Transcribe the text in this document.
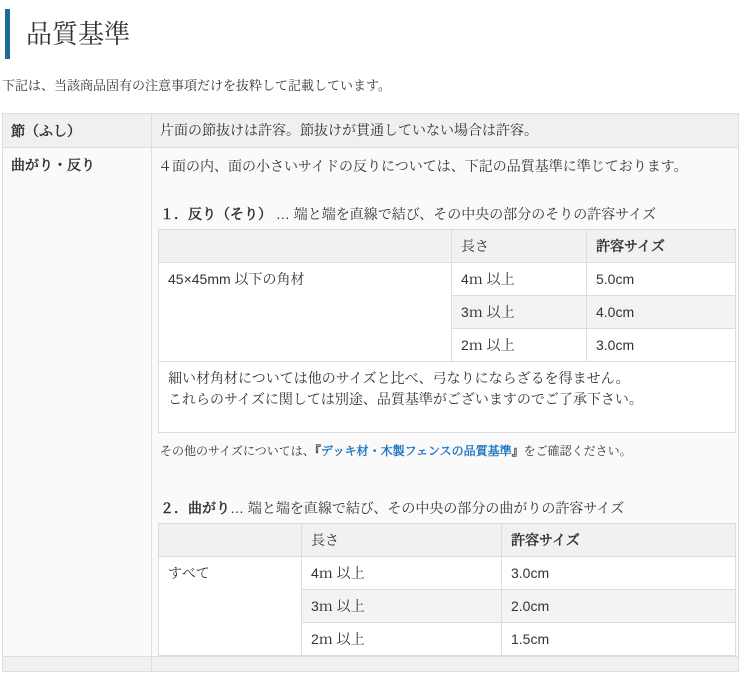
品質基準

下記は、当該商品固有の注意事項だけを抜粋して記載しています。

節（ふし）	片面の節抜けは許容。節抜けが貫通していない場合は許容。
曲がり・反り	４面の内、面の小さいサイドの反りについては、下記の品質基準に準じております。

１．反り（そり） … 端と端を直線で結び、その中央の部分のそりの許容サイズ

	長さ	許容サイズ
45×45mm 以下の角材	4ｍ 以上	5.0cm
3ｍ 以上	4.0cm
2ｍ 以上	3.0cm
細い材角材については他のサイズと比べ、弓なりにならざるを得ません。
これらのサイズに関しては別途、品質基準がございますのでご了承下さい。

その他のサイズについては、『デッキ材・木製フェンスの品質基準』をご確認ください。

２．曲がり… 端と端を直線で結び、その中央の部分の曲がりの許容サイズ

	長さ	許容サイズ
すべて	4ｍ 以上	3.0cm
3ｍ 以上	2.0cm
2ｍ 以上	1.5cm
